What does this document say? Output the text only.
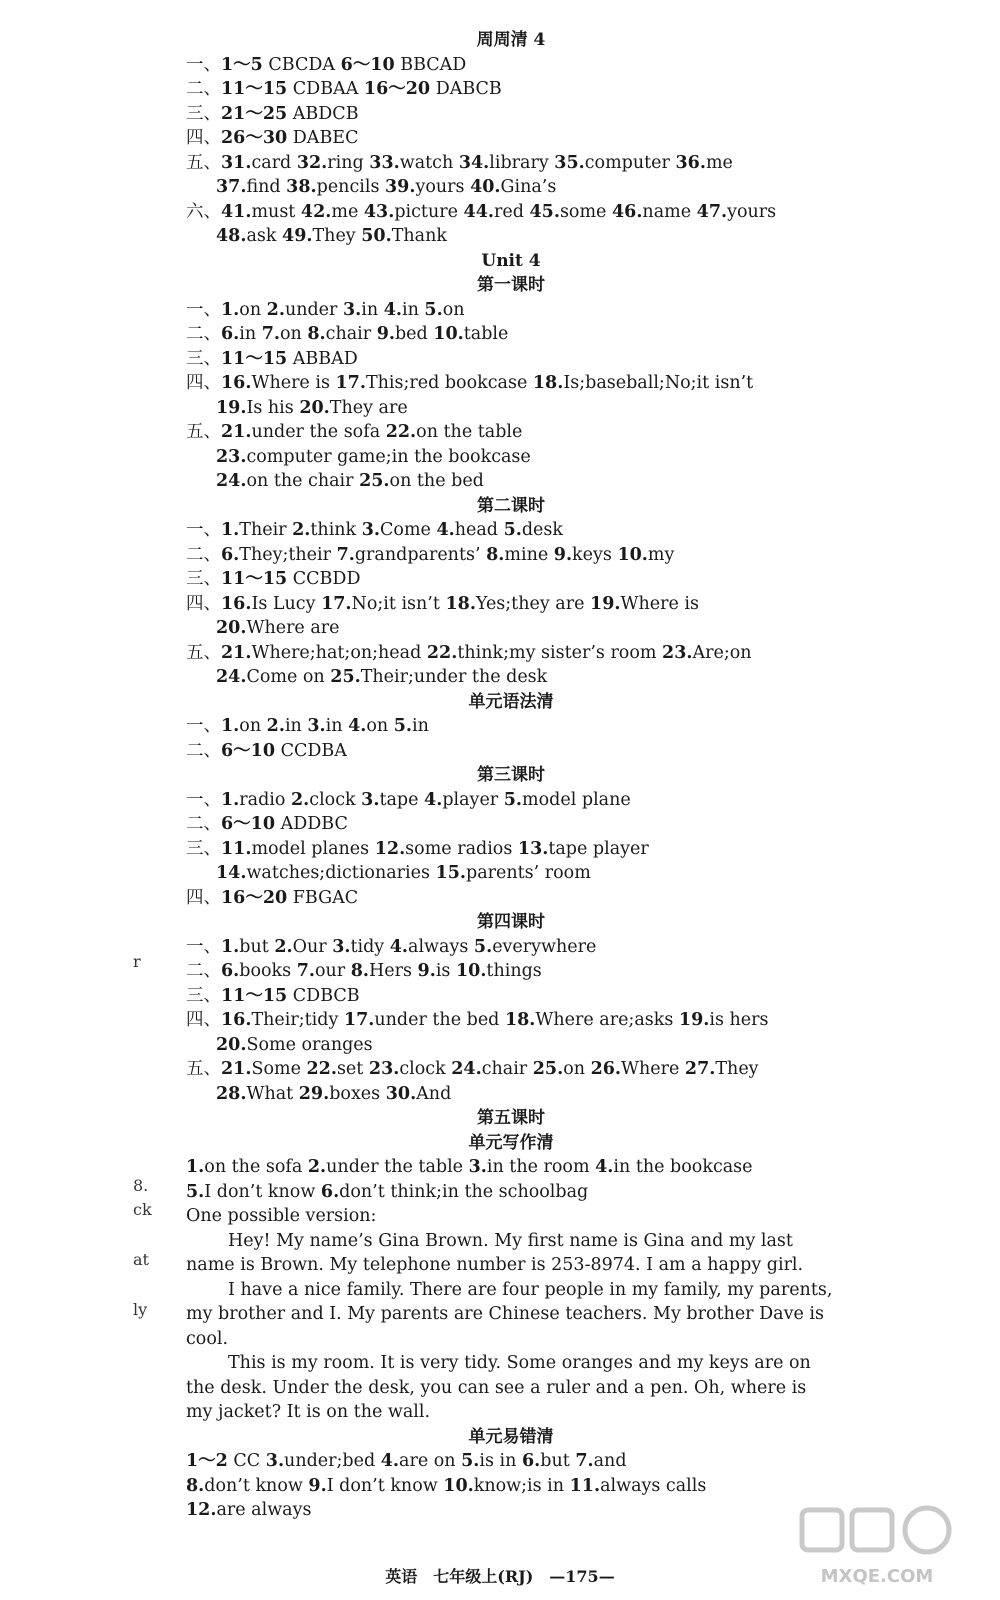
周周清 4
一、1～5 CBCDA 6～10 BBCAD
二、11～15 CDBAA 16～20 DABCB
三、21～25 ABDCB
四、26～30 DABEC
五、31.card 32.ring 33.watch 34.library 35.computer 36.me
37.find 38.pencils 39.yours 40.Gina’s
六、41.must 42.me 43.picture 44.red 45.some 46.name 47.yours
48.ask 49.They 50.Thank
Unit 4
第一课时
一、1.on 2.under 3.in 4.in 5.on
二、6.in 7.on 8.chair 9.bed 10.table
三、11～15 ABBAD
四、16.Where is 17.This;red bookcase 18.Is;baseball;No;it isn’t
19.Is his 20.They are
五、21.under the sofa 22.on the table
23.computer game;in the bookcase
24.on the chair 25.on the bed
第二课时
一、1.Their 2.think 3.Come 4.head 5.desk
二、6.They;their 7.grandparents’ 8.mine 9.keys 10.my
三、11～15 CCBDD
四、16.Is Lucy 17.No;it isn’t 18.Yes;they are 19.Where is
20.Where are
五、21.Where;hat;on;head 22.think;my sister’s room 23.Are;on
24.Come on 25.Their;under the desk
单元语法清
一、1.on 2.in 3.in 4.on 5.in
二、6～10 CCDBA
第三课时
一、1.radio 2.clock 3.tape 4.player 5.model plane
二、6～10 ADDBC
三、11.model planes 12.some radios 13.tape player
14.watches;dictionaries 15.parents’ room
四、16～20 FBGAC
第四课时
一、1.but 2.Our 3.tidy 4.always 5.everywhere
二、6.books 7.our 8.Hers 9.is 10.things
三、11～15 CDBCB
四、16.Their;tidy 17.under the bed 18.Where are;asks 19.is hers
20.Some oranges
五、21.Some 22.set 23.clock 24.chair 25.on 26.Where 27.They
28.What 29.boxes 30.And
第五课时
单元写作清
1.on the sofa 2.under the table 3.in the room 4.in the bookcase
5.I don’t know 6.don’t think;in the schoolbag
One possible version:
Hey! My name’s Gina Brown. My first name is Gina and my last name is Brown. My telephone number is 253-8974. I am a happy girl.
I have a nice family. There are four people in my family, my parents, my brother and I. My parents are Chinese teachers. My brother Dave is cool.
This is my room. It is very tidy. Some oranges and my keys are on the desk. Under the desk, you can see a ruler and a pen. Oh, where is my jacket? It is on the wall.
单元易错清
1～2 CC 3.under;bed 4.are on 5.is in 6.but 7.and
8.don’t know 9.I don’t know 10.know;is in 11.always calls
12.are always
r
8.
ck
at
ly
英语　七年级上(RJ)　—175—	MXQE.COM
